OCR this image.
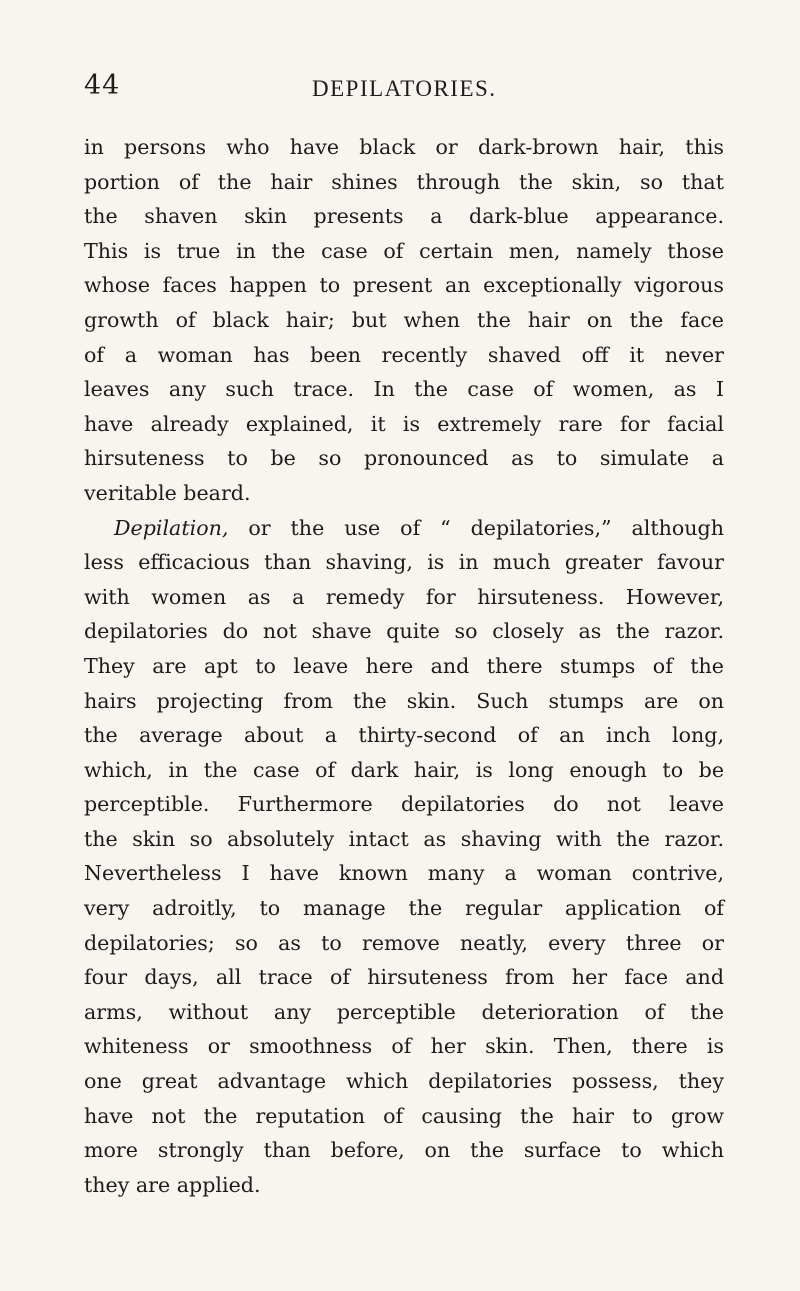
44	DEPILATORIES.
in persons who have black or dark-brown hair, this
portion of the hair shines through the skin, so that
the shaven skin presents a dark-blue appearance.
This is true in the case of certain men, namely those
whose faces happen to present an exceptionally vigorous
growth of black hair; but when the hair on the face
of a woman has been recently shaved off it never
leaves any such trace. In the case of women, as I
have already explained, it is extremely rare for facial
hirsuteness to be so pronounced as to simulate a
veritable beard.
Depilation, or the use of “ depilatories,” although
less efficacious than shaving, is in much greater favour
with women as a remedy for hirsuteness. However,
depilatories do not shave quite so closely as the razor.
They are apt to leave here and there stumps of the
hairs projecting from the skin. Such stumps are on
the average about a thirty-second of an inch long,
which, in the case of dark hair, is long enough to be
perceptible. Furthermore depilatories do not leave
the skin so absolutely intact as shaving with the razor.
Nevertheless I have known many a woman contrive,
very adroitly, to manage the regular application of
depilatories; so as to remove neatly, every three or
four days, all trace of hirsuteness from her face and
arms, without any perceptible deterioration of the
whiteness or smoothness of her skin. Then, there is
one great advantage which depilatories possess, they
have not the reputation of causing the hair to grow
more strongly than before, on the surface to which
they are applied.
